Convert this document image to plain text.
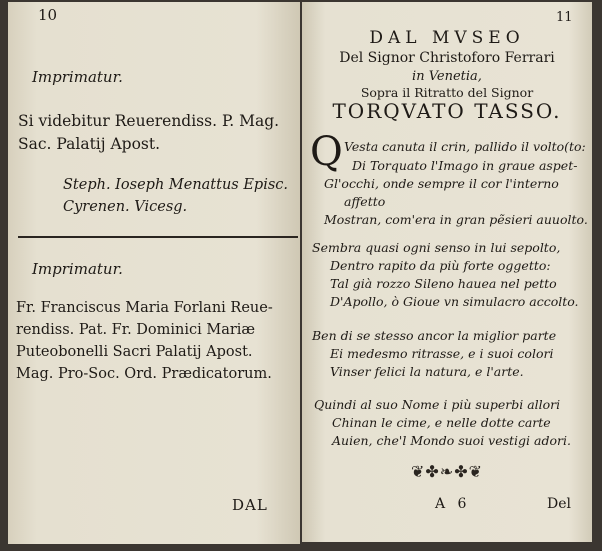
10
Imprimatur.
Si videbitur Reuerendiss. P. Mag.
Sac. Palatij Apost.
Steph. Ioseph Menattus Episc.
Cyrenen. Vicesg.
Imprimatur.
Fr. Franciscus Maria Forlani Reue-
rendiss. Pat. Fr. Dominici Mariæ
Puteobonelli Sacri Palatij Apost.
Mag. Pro-Soc. Ord. Prædicatorum.
DAL
11
DAL MVSEO
Del Signor Christoforo Ferrari
in Venetia,
Sopra il Ritratto del Signor
TORQVATO TASSO.
Q Vesta canuta il crin, pallido il volto(to:
Di Torquato l'Imago in graue aspet-
Gl'occhi, onde sempre il cor l'interno
affetto
Mostran, com'era in gran pẽsieri auuolto.
Sembra quasi ogni senso in lui sepolto,
Dentro rapito da più forte oggetto:
Tal già rozzo Sileno hauea nel petto
D'Apollo, ò Gioue vn simulacro accolto.
Ben di se stesso ancor la miglior parte
Ei medesmo ritrasse, e i suoi colori
Vinser felici la natura, e l'arte.
Quindi al suo Nome i più superbi allori
Chinan le cime, e nelle dotte carte
Auien, che'l Mondo suoi vestigi adori.
❦✤❧✤❦
A 6	Del
